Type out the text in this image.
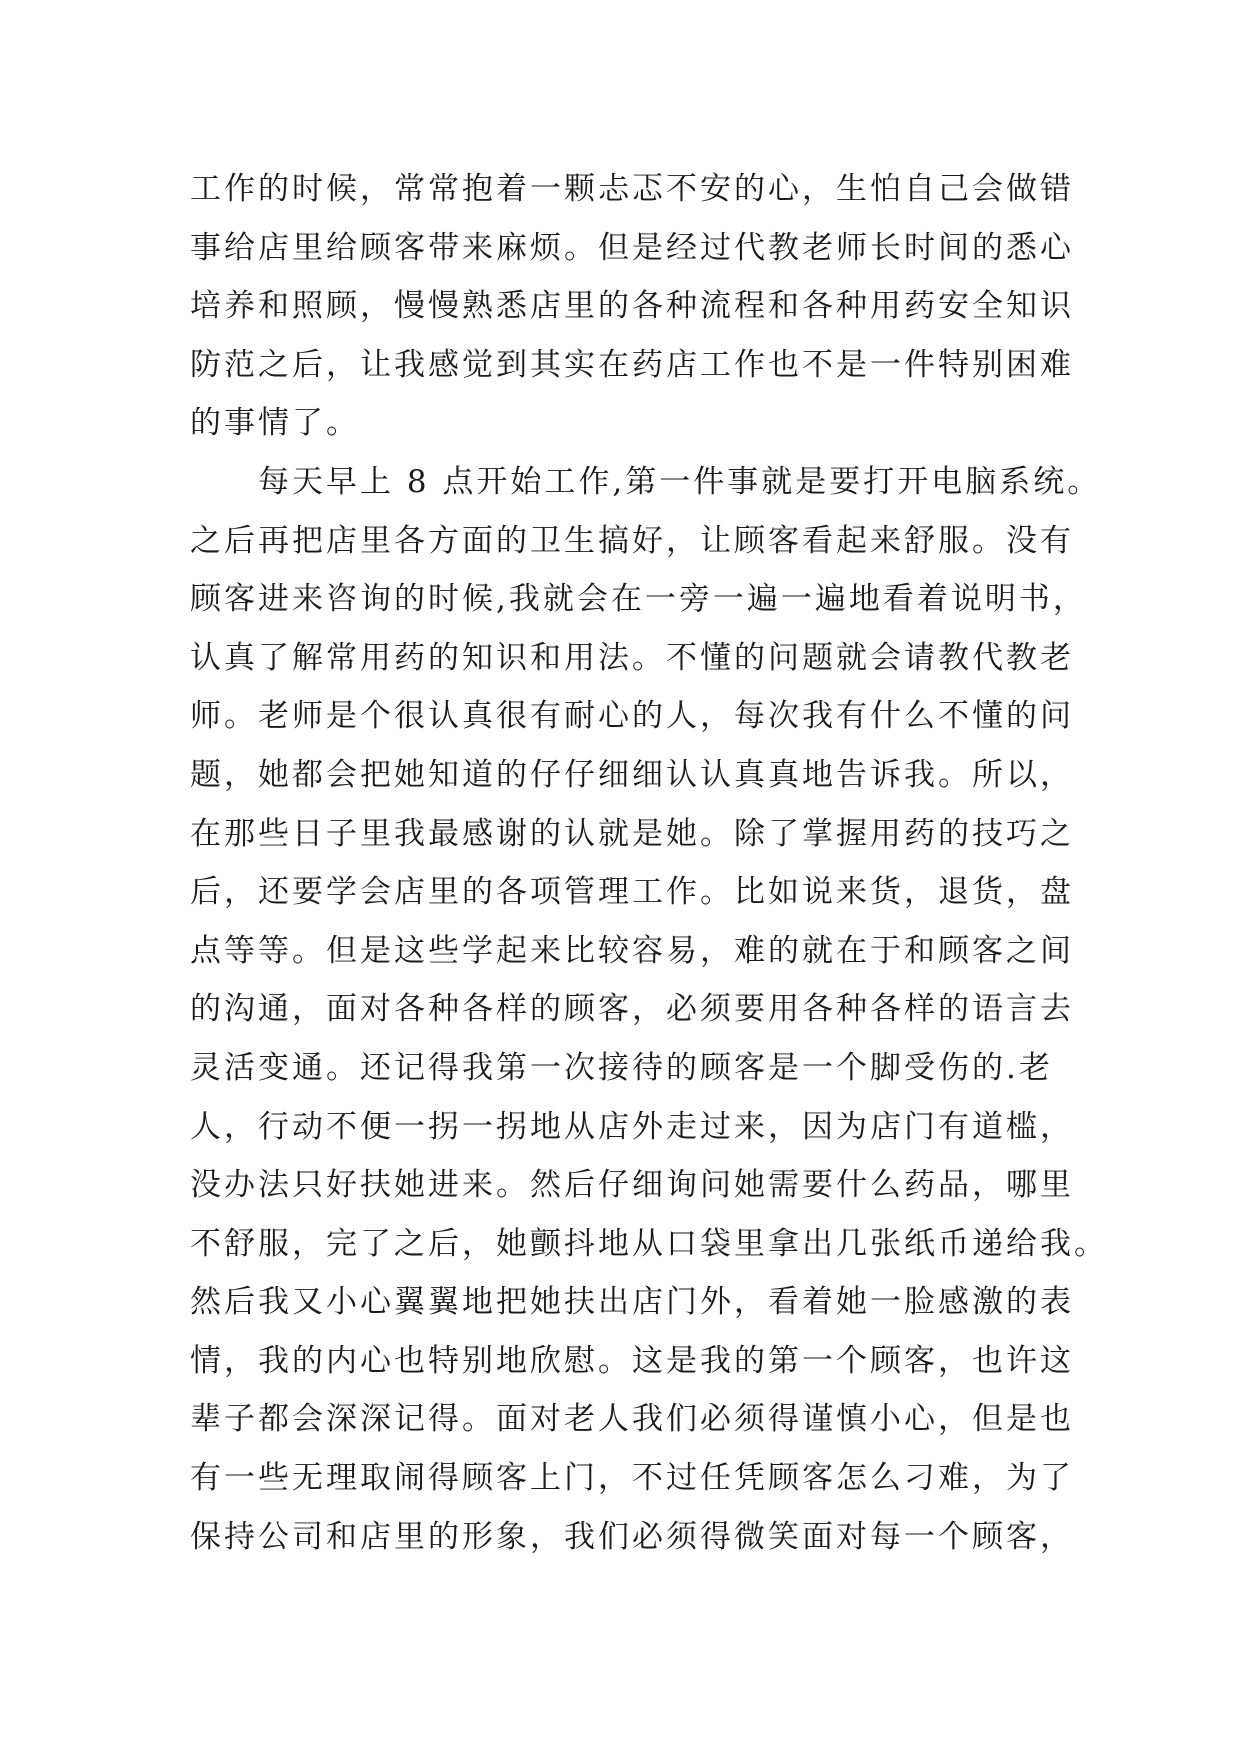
工作的时候，常常抱着一颗忐忑不安的心，生怕自己会做错
事给店里给顾客带来麻烦。但是经过代教老师长时间的悉心
培养和照顾，慢慢熟悉店里的各种流程和各种用药安全知识
防范之后，让我感觉到其实在药店工作也不是一件特别困难
的事情了。
每天早上 8 点开始工作,第一件事就是要打开电脑系统。
之后再把店里各方面的卫生搞好，让顾客看起来舒服。没有
顾客进来咨询的时候,我就会在一旁一遍一遍地看着说明书，
认真了解常用药的知识和用法。不懂的问题就会请教代教老
师。老师是个很认真很有耐心的人，每次我有什么不懂的问
题，她都会把她知道的仔仔细细认认真真地告诉我。所以，
在那些日子里我最感谢的认就是她。除了掌握用药的技巧之
后，还要学会店里的各项管理工作。比如说来货，退货，盘
点等等。但是这些学起来比较容易，难的就在于和顾客之间
的沟通，面对各种各样的顾客，必须要用各种各样的语言去
灵活变通。还记得我第一次接待的顾客是一个脚受伤的.老
人，行动不便一拐一拐地从店外走过来，因为店门有道槛，
没办法只好扶她进来。然后仔细询问她需要什么药品，哪里
不舒服，完了之后，她颤抖地从口袋里拿出几张纸币递给我。
然后我又小心翼翼地把她扶出店门外，看着她一脸感激的表
情，我的内心也特别地欣慰。这是我的第一个顾客，也许这
辈子都会深深记得。面对老人我们必须得谨慎小心，但是也
有一些无理取闹得顾客上门，不过任凭顾客怎么刁难，为了
保持公司和店里的形象，我们必须得微笑面对每一个顾客，
